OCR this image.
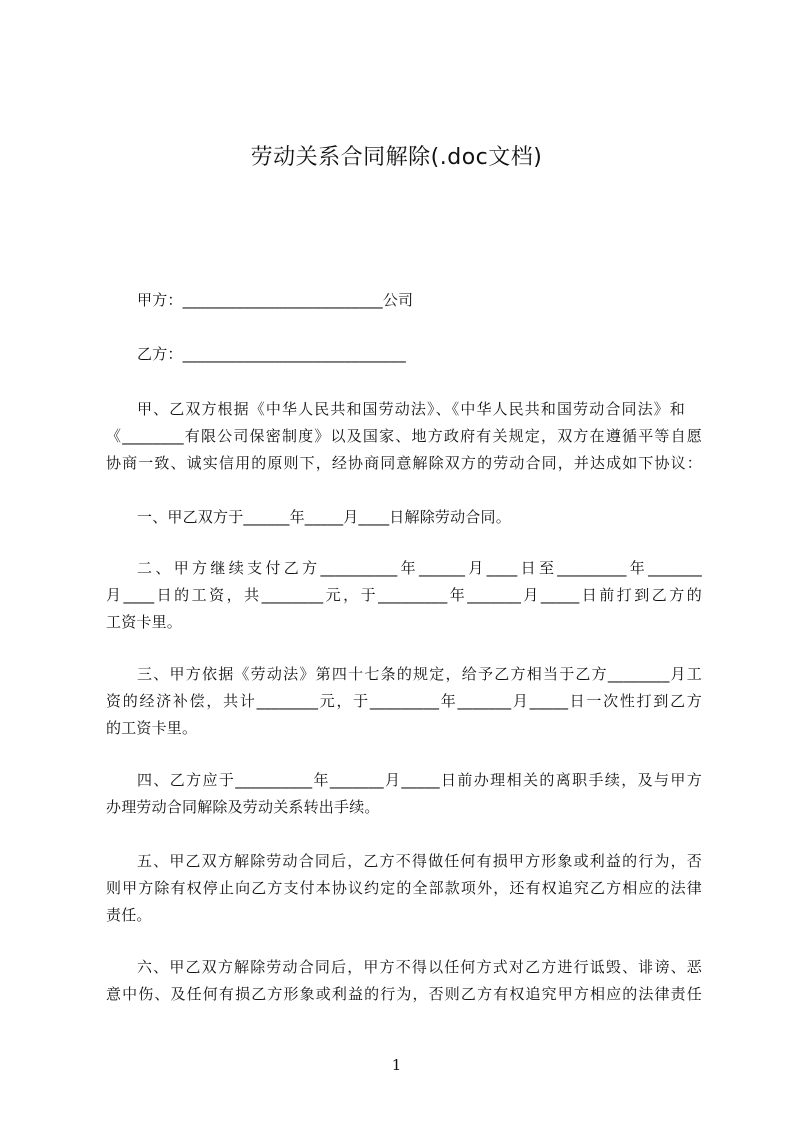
劳动关系合同解除(.doc文档)
甲方：__________________________公司
乙方：_____________________________
甲、乙双方根据《中华人民共和国劳动法》、《中华人民共和国劳动合同法》和
《________有限公司保密制度》以及国家、地方政府有关规定，双方在遵循平等自愿
协商一致、诚实信用的原则下，经协商同意解除双方的劳动合同，并达成如下协议：
一、甲乙双方于______年_____月____日解除劳动合同。
二、甲方继续支付乙方__________年______月____日至_________年_______
月____日的工资，共________元，于_________年_______月_____日前打到乙方的
工资卡里。
三、甲方依据《劳动法》第四十七条的规定，给予乙方相当于乙方________月工
资的经济补偿，共计________元，于_________年_______月_____日一次性打到乙方
的工资卡里。
四、乙方应于__________年_______月_____日前办理相关的离职手续，及与甲方
办理劳动合同解除及劳动关系转出手续。
五、甲乙双方解除劳动合同后，乙方不得做任何有损甲方形象或利益的行为，否
则甲方除有权停止向乙方支付本协议约定的全部款项外，还有权追究乙方相应的法律
责任。
六、甲乙双方解除劳动合同后，甲方不得以任何方式对乙方进行诋毁、诽谤、恶
意中伤、及任何有损乙方形象或利益的行为，否则乙方有权追究甲方相应的法律责任
1
